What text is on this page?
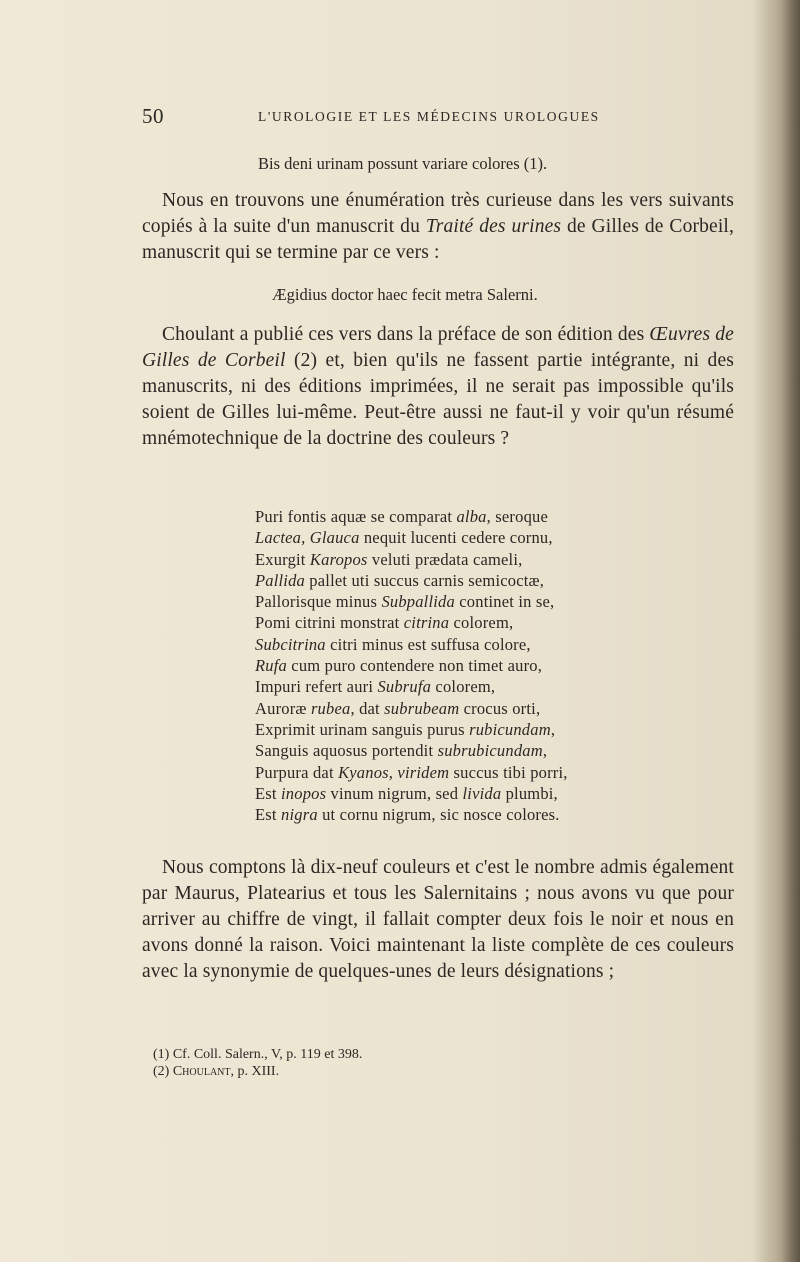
50	L'UROLOGIE ET LES MÉDECINS UROLOGUES
Bis deni urinam possunt variare colores (1).
Nous en trouvons une énumération très curieuse dans les vers suivants copiés à la suite d'un manuscrit du Traité des urines de Gilles de Corbeil, manuscrit qui se termine par ce vers :
Ægidius doctor haec fecit metra Salerni.
Choulant a publié ces vers dans la préface de son édition des Œuvres de Gilles de Corbeil (2) et, bien qu'ils ne fassent partie intégrante, ni des manuscrits, ni des éditions imprimées, il ne serait pas impossible qu'ils soient de Gilles lui-même. Peut-être aussi ne faut-il y voir qu'un résumé mnémotechnique de la doctrine des couleurs ?
Puri fontis aquæ se comparat alba, seroque
Lactea, Glauca nequit lucenti cedere cornu,
Exurgit Karopos veluti prædata cameli,
Pallida pallet uti succus carnis semicoctæ,
Pallorisque minus Subpallida continet in se,
Pomi citrini monstrat citrina colorem,
Subcitrina citri minus est suffusa colore,
Rufa cum puro contendere non timet auro,
Impuri refert auri Subrufa colorem,
Auroræ rubea, dat subrubeam crocus orti,
Exprimit urinam sanguis purus rubicundam,
Sanguis aquosus portendit subrubicundam,
Purpura dat Kyanos, viridem succus tibi porri,
Est inopos vinum nigrum, sed livida plumbi,
Est nigra ut cornu nigrum, sic nosce colores.
Nous comptons là dix-neuf couleurs et c'est le nombre admis également par Maurus, Platearius et tous les Salernitains ; nous avons vu que pour arriver au chiffre de vingt, il fallait compter deux fois le noir et nous en avons donné la raison. Voici maintenant la liste complète de ces couleurs avec la synonymie de quelques-unes de leurs désignations ;
(1) Cf. Coll. Salern., V, p. 119 et 398.
(2) Choulant, p. XIII.
